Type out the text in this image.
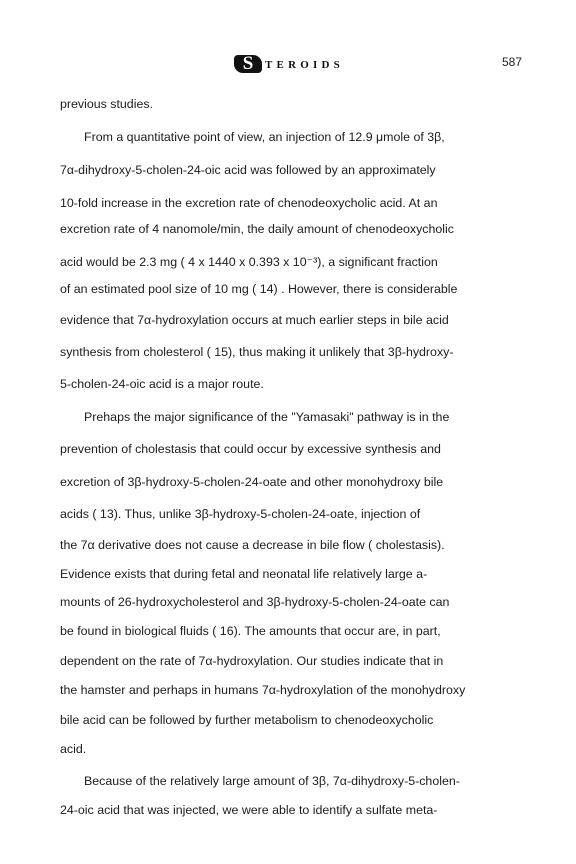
S	TEROIDS	587
previous studies.
From a quantitative point of view, an injection of 12.9 μmole of 3β,
7α-dihydroxy-5-cholen-24-oic acid was followed by an approximately
10-fold increase in the excretion rate of chenodeoxycholic acid. At an
excretion rate of 4 nanomole/min, the daily amount of chenodeoxycholic
acid would be 2.3 mg ( 4 x 1440 x 0.393 x 10⁻³), a significant fraction
of an estimated pool size of 10 mg ( 14) . However, there is considerable
evidence that 7α-hydroxylation occurs at much earlier steps in bile acid
synthesis from cholesterol ( 15), thus making it unlikely that 3β-hydroxy-
5-cholen-24-oic acid is a major route.
Prehaps the major significance of the "Yamasaki" pathway is in the
prevention of cholestasis that could occur by excessive synthesis and
excretion of 3β-hydroxy-5-cholen-24-oate and other monohydroxy bile
acids ( 13). Thus, unlike 3β-hydroxy-5-cholen-24-oate, injection of
the 7α derivative does not cause a decrease in bile flow ( cholestasis).
Evidence exists that during fetal and neonatal life relatively large a-
mounts of 26-hydroxycholesterol and 3β-hydroxy-5-cholen-24-oate can
be found in biological fluids ( 16). The amounts that occur are, in part,
dependent on the rate of 7α-hydroxylation. Our studies indicate that in
the hamster and perhaps in humans 7α-hydroxylation of the monohydroxy
bile acid can be followed by further metabolism to chenodeoxycholic
acid.
Because of the relatively large amount of 3β, 7α-dihydroxy-5-cholen-
24-oic acid that was injected, we were able to identify a sulfate meta-
